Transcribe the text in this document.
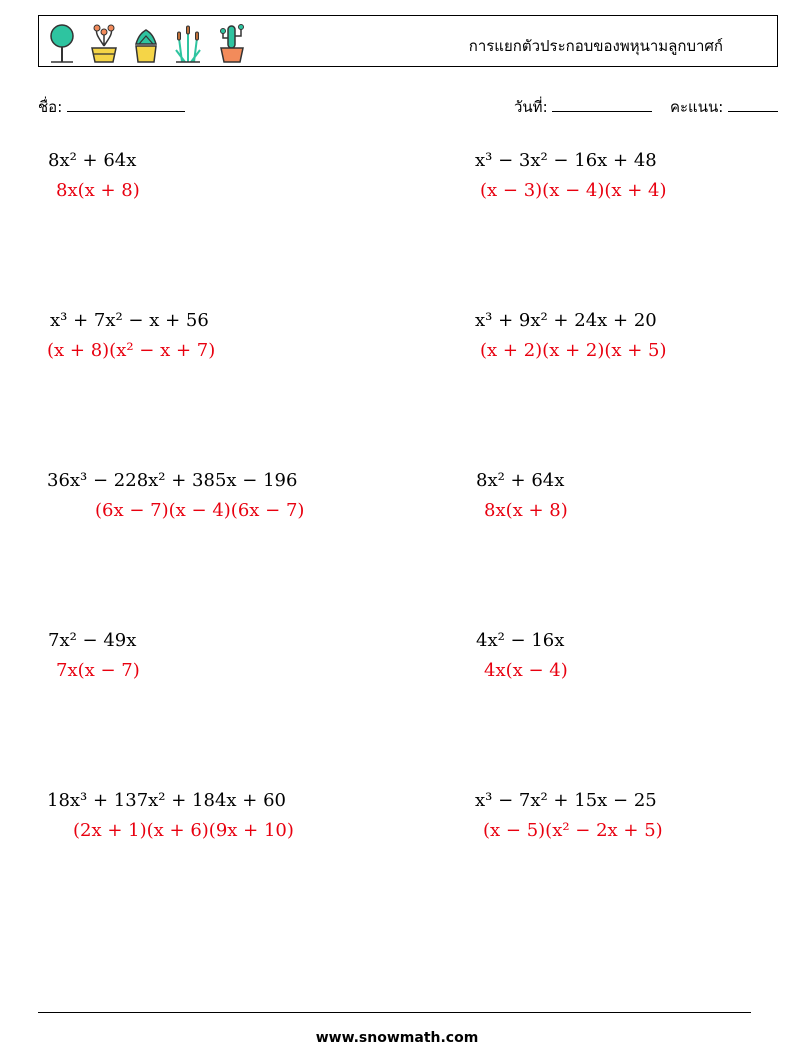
การแยกตัวประกอบของพหุนามลูกบาศก์
ชื่อ:	วันที่:	คะแนน:
8x² + 64x
8x(x + 8)
x³ − 3x² − 16x + 48
(x − 3)(x − 4)(x + 4)
x³ + 7x² − x + 56
(x + 8)(x² − x + 7)
x³ + 9x² + 24x + 20
(x + 2)(x + 2)(x + 5)
36x³ − 228x² + 385x − 196
(6x − 7)(x − 4)(6x − 7)
8x² + 64x
8x(x + 8)
7x² − 49x
7x(x − 7)
4x² − 16x
4x(x − 4)
18x³ + 137x² + 184x + 60
(2x + 1)(x + 6)(9x + 10)
x³ − 7x² + 15x − 25
(x − 5)(x² − 2x + 5)
www.snowmath.com
